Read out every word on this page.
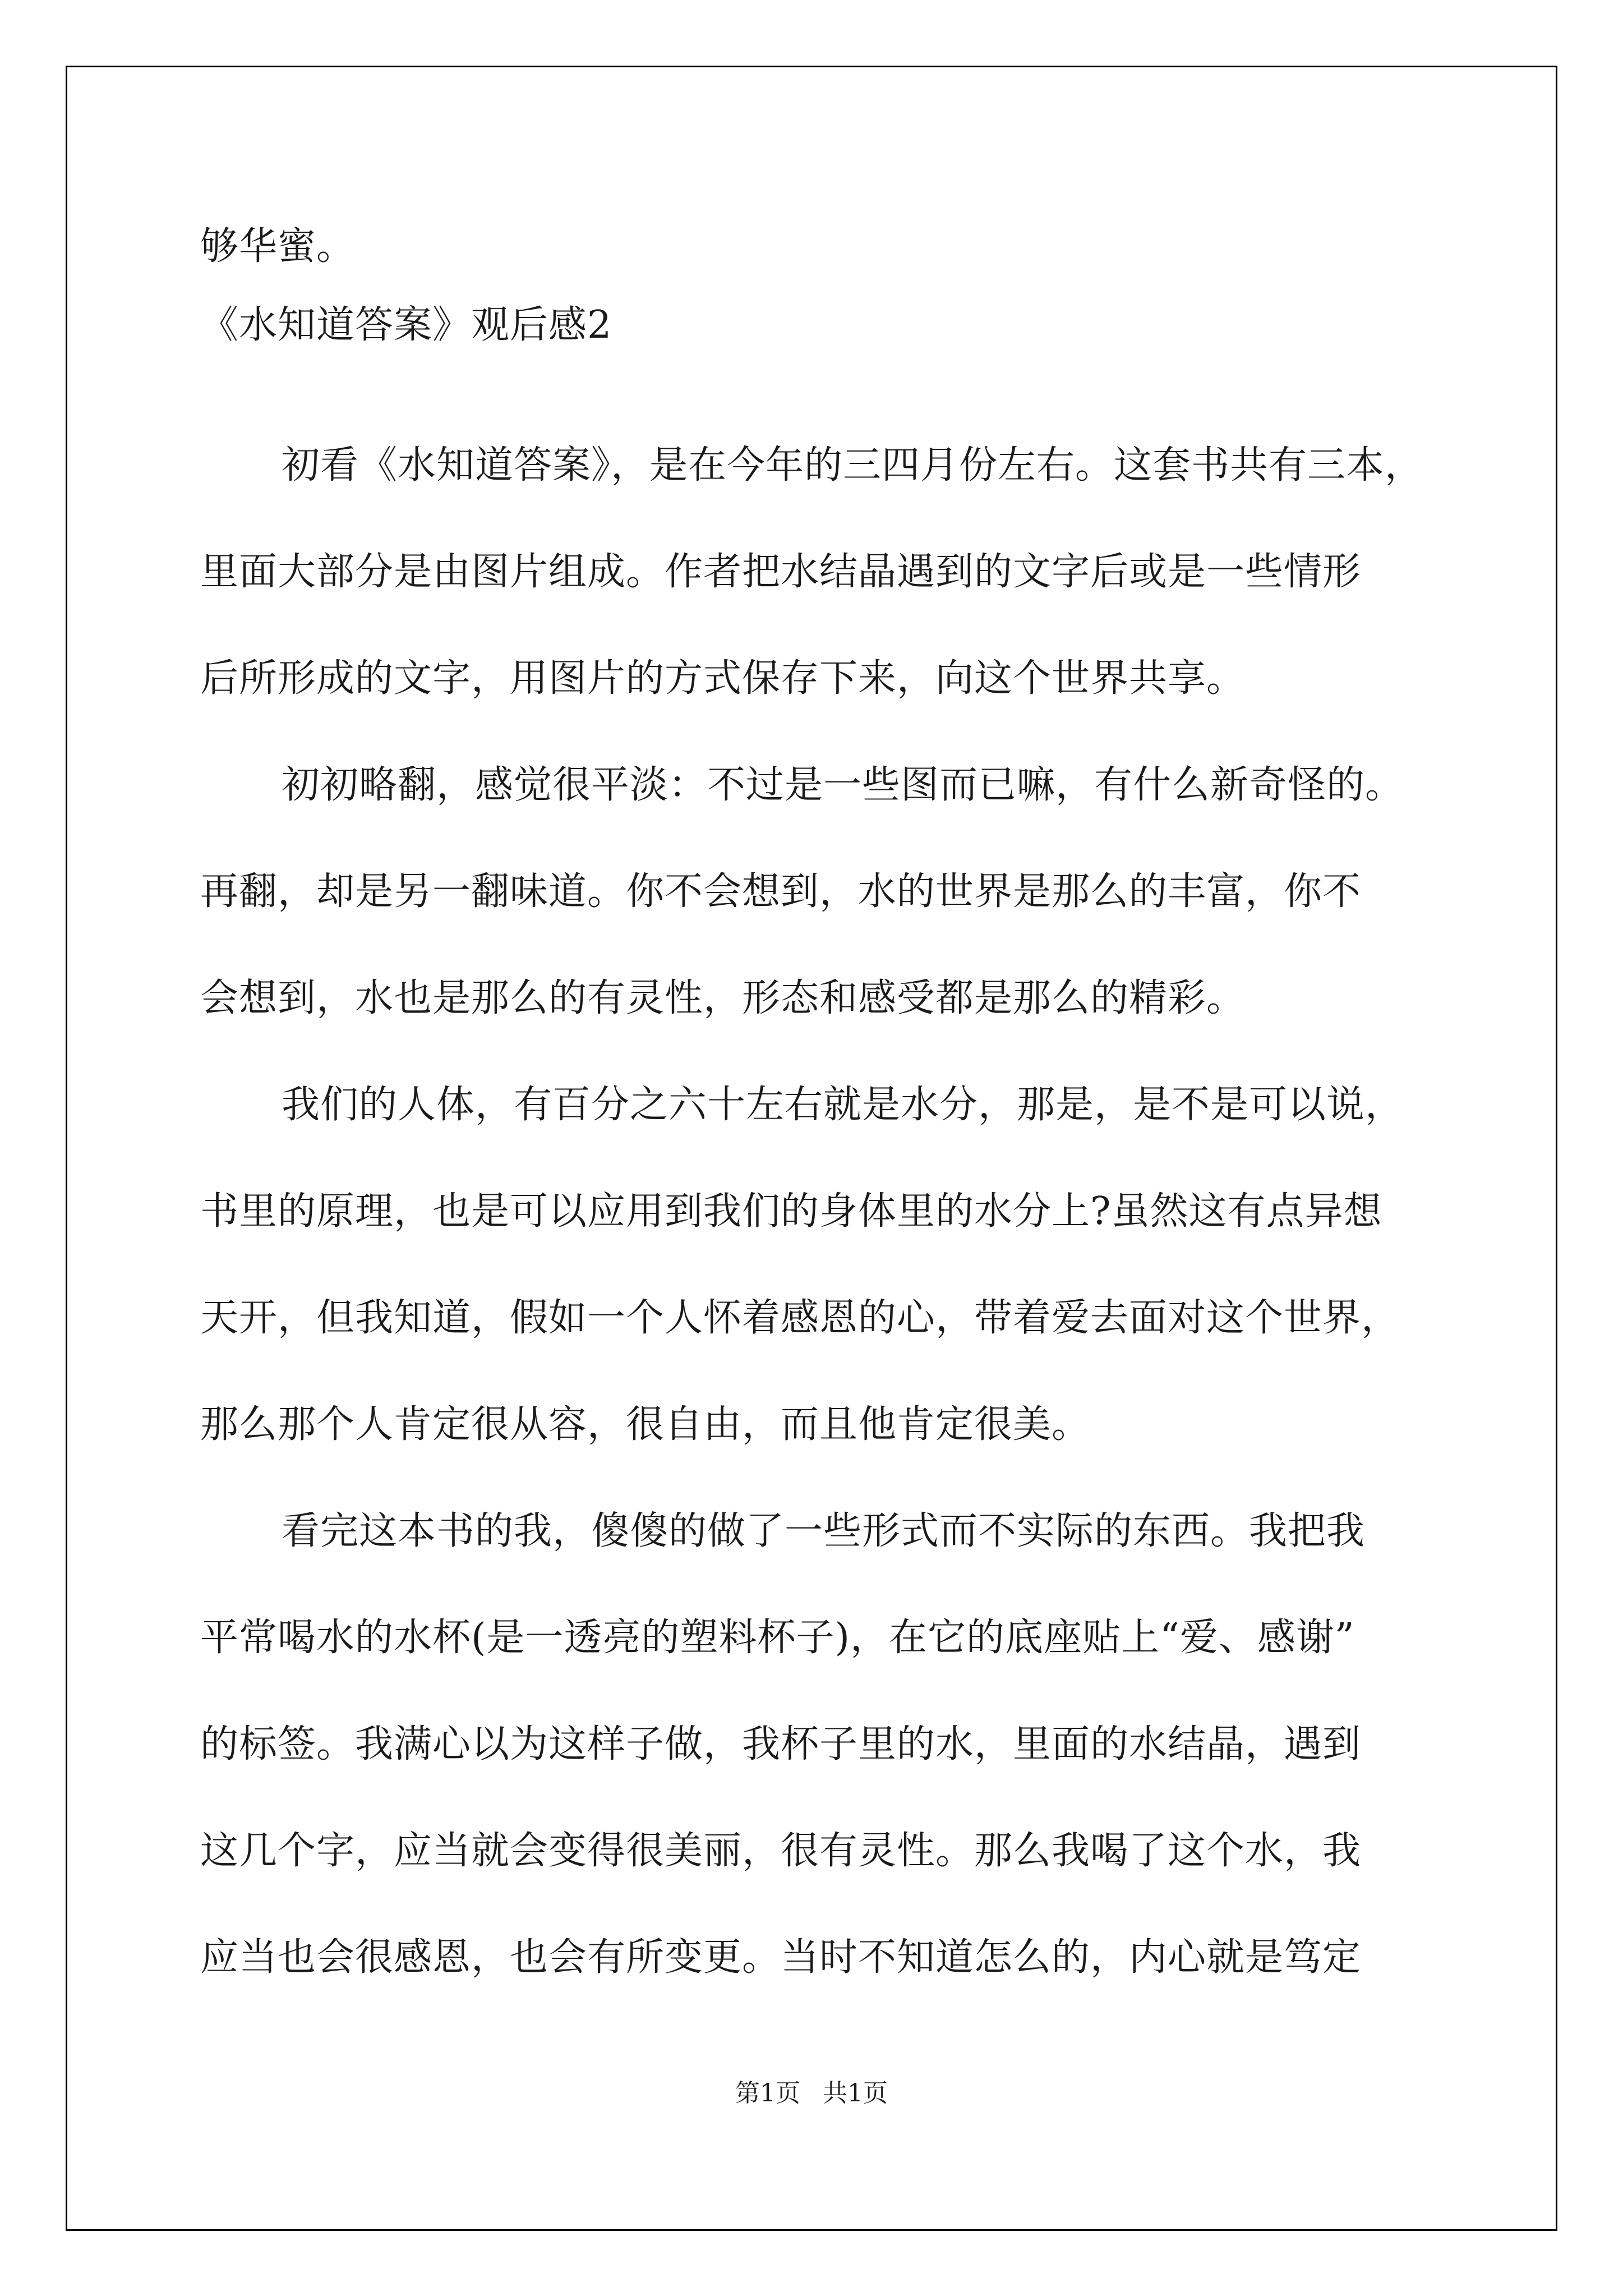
够华蜜。
《水知道答案》观后感2
初看《水知道答案》，是在今年的三四月份左右。这套书共有三本，
里面大部分是由图片组成。作者把水结晶遇到的文字后或是一些情形
后所形成的文字，用图片的方式保存下来，向这个世界共享。
初初略翻，感觉很平淡：不过是一些图而已嘛，有什么新奇怪的。
再翻，却是另一翻味道。你不会想到，水的世界是那么的丰富，你不
会想到，水也是那么的有灵性，形态和感受都是那么的精彩。
我们的人体，有百分之六十左右就是水分，那是，是不是可以说，
书里的原理，也是可以应用到我们的身体里的水分上?虽然这有点异想
天开，但我知道，假如一个人怀着感恩的心，带着爱去面对这个世界，
那么那个人肯定很从容，很自由，而且他肯定很美。
看完这本书的我，傻傻的做了一些形式而不实际的东西。我把我
平常喝水的水杯(是一透亮的塑料杯子)，在它的底座贴上“爱、感谢”
的标签。我满心以为这样子做，我杯子里的水，里面的水结晶，遇到
这几个字，应当就会变得很美丽，很有灵性。那么我喝了这个水，我
应当也会很感恩，也会有所变更。当时不知道怎么的，内心就是笃定
第1页 共1页
